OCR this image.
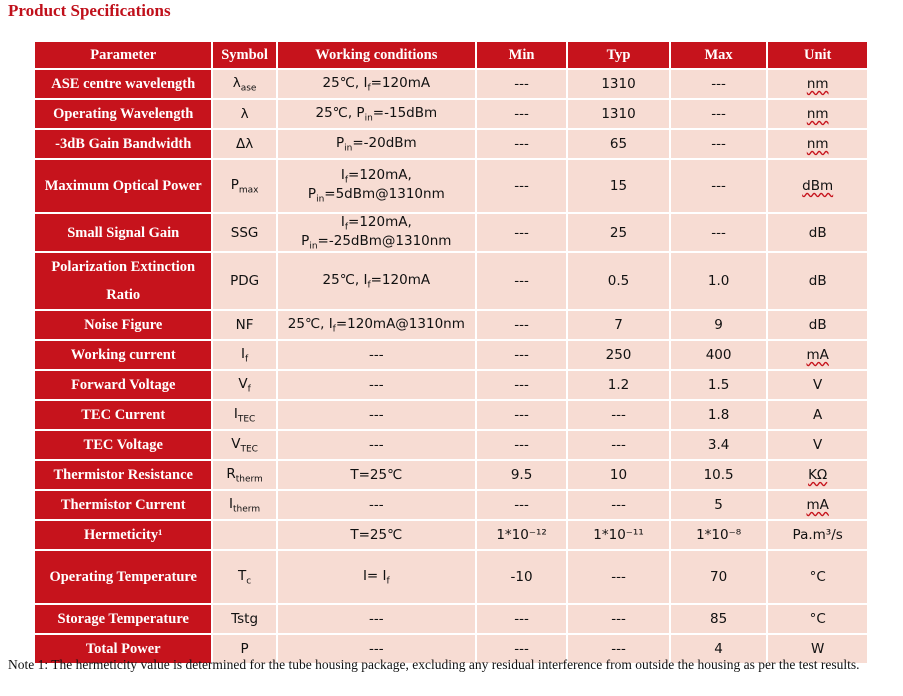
Product Specifications
Parameter	Symbol	Working conditions	Min	Typ	Max	Unit
ASE centre wavelength	$\lambda_{ase}$	25℃, $I_f=120mA$	---	1310	---	nm
Operating Wavelength	λ	25℃, $P_{in}=-15dBm$	---	1310	---	nm
-3dB Gain Bandwidth	Δλ	$P_{in}=-20dBm$	---	65	---	nm
Maximum Optical Power	$P_{max}$	$I_f=120mA$, $P_{in}=5dBm@1310nm$	---	15	---	dBm
Small Signal Gain	SSG	$I_f=120mA$, $P_{in}=-25dBm@1310nm$	---	25	---	dB
Polarization Extinction Ratio	PDG	25℃, $I_f=120mA$	---	0.5	1.0	dB
Noise Figure	NF	25℃, $I_f=120mA@1310nm$	---	7	9	dB
Working current	$I_f$	---	---	250	400	mA
Forward Voltage	$V_f$	---	---	1.2	1.5	V
TEC Current	$I_{TEC}$	---	---	---	1.8	A
TEC Voltage	$V_{TEC}$	---	---	---	3.4	V
Thermistor Resistance	$R_{therm}$	T=25℃	9.5	10	10.5	KΩ
Thermistor Current	$I_{therm}$	---	---	---	5	mA
Hermeticity¹		T=25℃	1*10⁻¹²	1*10⁻¹¹	1*10⁻⁸	Pa.m³/s
Operating Temperature	$T_c$	$I= I_f$	-10	---	70	°C
Storage Temperature	Tstg	---	---	---	85	°C
Total Power	P	---	---	---	4	W
Note 1: The hermeticity value is determined for the tube housing package, excluding any residual interference from outside the housing as per the test results.
